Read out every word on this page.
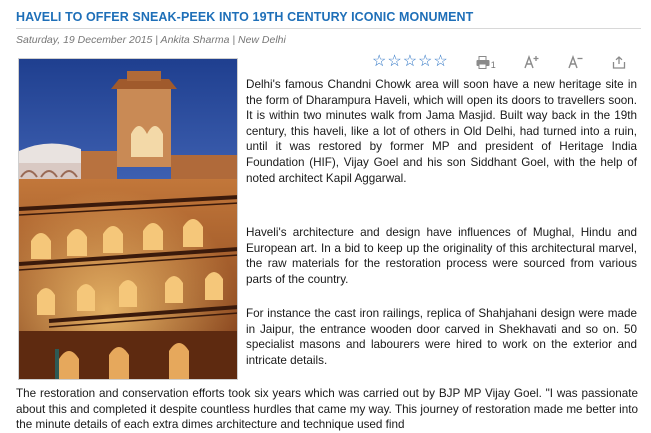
HAVELI TO OFFER SNEAK-PEEK INTO 19TH CENTURY ICONIC MONUMENT
Saturday, 19 December 2015 | Ankita Sharma | New Delhi
☆ ☆ ☆ ☆ ☆	1

Delhi's famous Chandni Chowk area will soon have a new heritage site in the form of Dharampura Haveli, which will open its doors to travellers soon. It is within two minutes walk from Jama Masjid. Built way back in the 19th century, this haveli, like a lot of others in Old Delhi, had turned into a ruin, until it was restored by former MP and president of Heritage India Foundation (HIF), Vijay Goel and his son Siddhant Goel, with the help of noted architect Kapil Aggarwal.

Haveli's architecture and design have influences of Mughal, Hindu and European art. In a bid to keep up the originality of this architectural marvel, the raw materials for the restoration process were sourced from various parts of the country.

For instance the cast iron railings, replica of Shahjahani design were made in Jaipur, the entrance wooden door carved in Shekhavati and so on. 50 specialist masons and labourers were hired to work on the exterior and intricate details.

The restoration and conservation efforts took six years which was carried out by BJP MP Vijay Goel. "I was passionate about this and completed it despite countless hurdles that came my way. This journey of restoration made me better into the minute details of each extra dimes architecture and technique used find
